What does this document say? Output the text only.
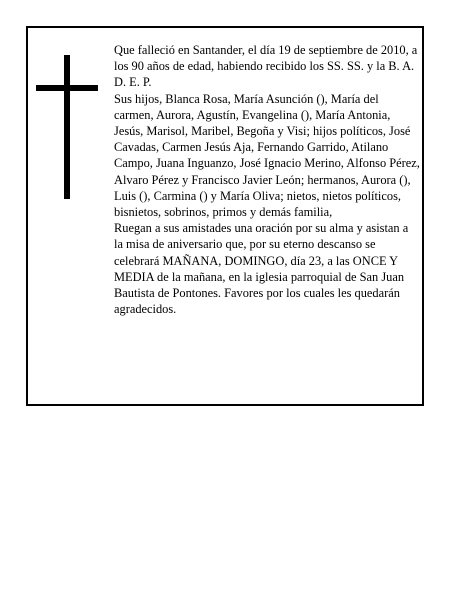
Que falleció en Santander, el día 19 de septiembre de 2010, a los 90 años de edad, habiendo recibido los SS. SS. y la B. A.

D. E. P.

Sus hijos, Blanca Rosa, María Asunción (), María del carmen, Aurora, Agustín, Evangelina (), María Antonia, Jesús, Marisol, Maribel, Begoña y Visi; hijos políticos, José Cavadas, Carmen Jesús Aja, Fernando Garrido, Atilano Campo, Juana Inguanzo, José Ignacio Merino, Alfonso Pérez, Alvaro Pérez y Francisco Javier León; hermanos, Aurora (), Luis (), Carmina () y María Oliva; nietos, nietos políticos, bisnietos, sobrinos, primos y demás familia,

Ruegan a sus amistades una oración por su alma y asistan a la misa de aniversario que, por su eterno descanso se celebrará MAÑANA, DOMINGO, día 23, a las ONCE Y MEDIA de la mañana, en la iglesia parroquial de San Juan Bautista de Pontones. Favores por los cuales les quedarán agradecidos.
